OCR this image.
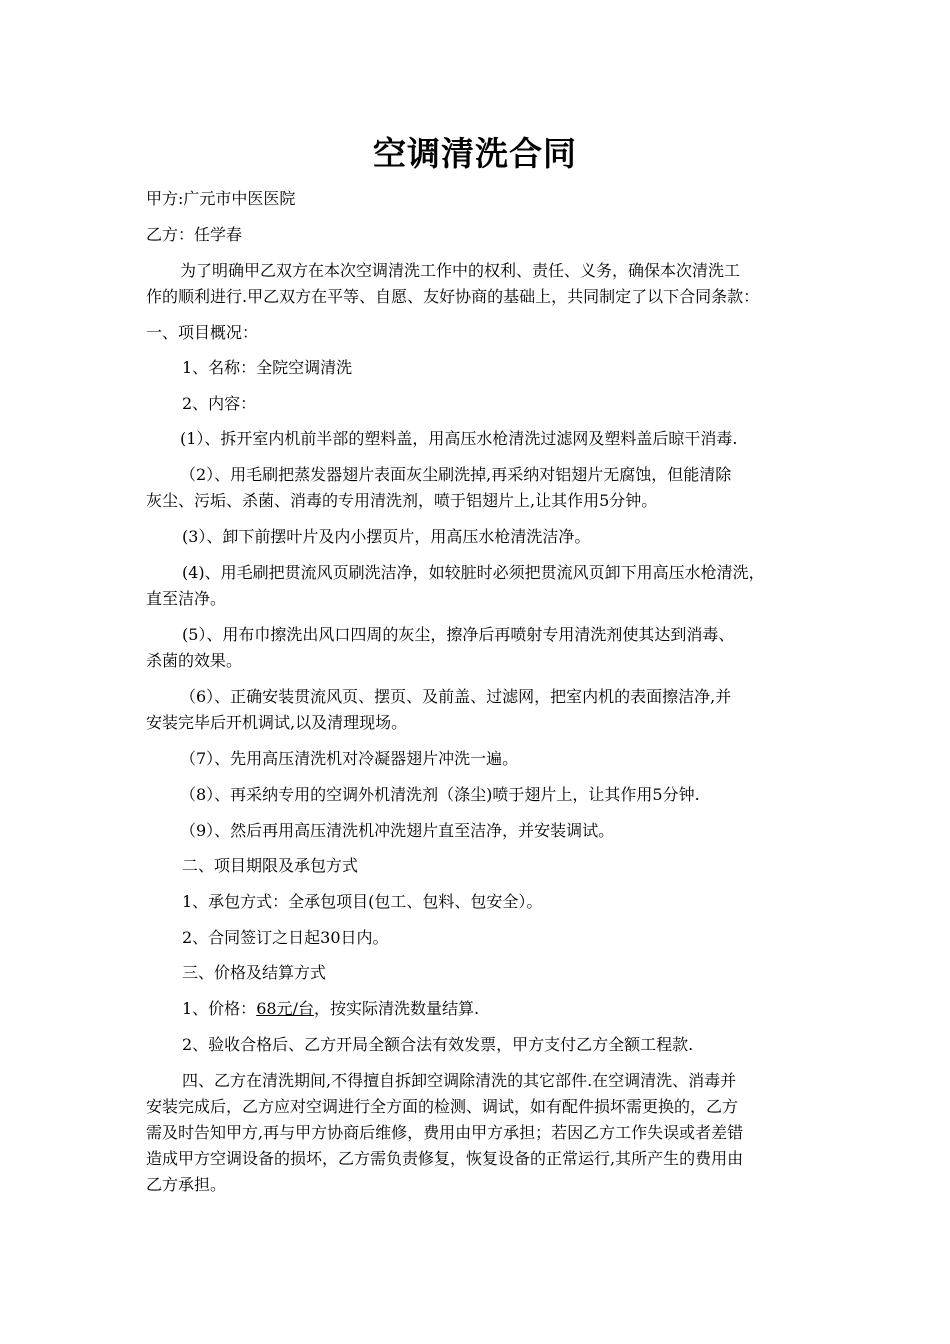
空调清洗合同
甲方:广元市中医医院
乙方：任学春
为了明确甲乙双方在本次空调清洗工作中的权利、责任、义务，确保本次清洗工
作的顺利进行.甲乙双方在平等、自愿、友好协商的基础上，共同制定了以下合同条款：
一、项目概况：
1、名称：全院空调清洗
2、内容：
(1）、拆开室内机前半部的塑料盖，用高压水枪清洗过滤网及塑料盖后晾干消毒.
（2）、用毛刷把蒸发器翅片表面灰尘刷洗掉,再采纳对铝翅片无腐蚀，但能清除
灰尘、污垢、杀菌、消毒的专用清洗剂，喷于铝翅片上,让其作用5分钟。
(3）、卸下前摆叶片及内小摆页片，用高压水枪清洗洁净。
(4)、用毛刷把贯流风页刷洗洁净，如较脏时必须把贯流风页卸下用高压水枪清洗，
直至洁净。
(5）、用布巾擦洗出风口四周的灰尘，擦净后再喷射专用清洗剂使其达到消毒、
杀菌的效果。
（6）、正确安装贯流风页、摆页、及前盖、过滤网，把室内机的表面擦洁净,并
安装完毕后开机调试,以及清理现场。
（7）、先用高压清洗机对冷凝器翅片冲洗一遍。
（8）、再采纳专用的空调外机清洗剂（涤尘)喷于翅片上，让其作用5分钟.
（9）、然后再用高压清洗机冲洗翅片直至洁净，并安装调试。
二、项目期限及承包方式
1、承包方式：全承包项目(包工、包料、包安全）。
2、合同签订之日起30日内。
三、价格及结算方式
1、价格：68元/台，按实际清洗数量结算.
2、验收合格后、乙方开局全额合法有效发票，甲方支付乙方全额工程款.
四、乙方在清洗期间,不得擅自拆卸空调除清洗的其它部件.在空调清洗、消毒并
安装完成后，乙方应对空调进行全方面的检测、调试，如有配件损坏需更换的，乙方
需及时告知甲方,再与甲方协商后维修，费用由甲方承担；若因乙方工作失误或者差错
造成甲方空调设备的损坏，乙方需负责修复，恢复设备的正常运行,其所产生的费用由
乙方承担。
